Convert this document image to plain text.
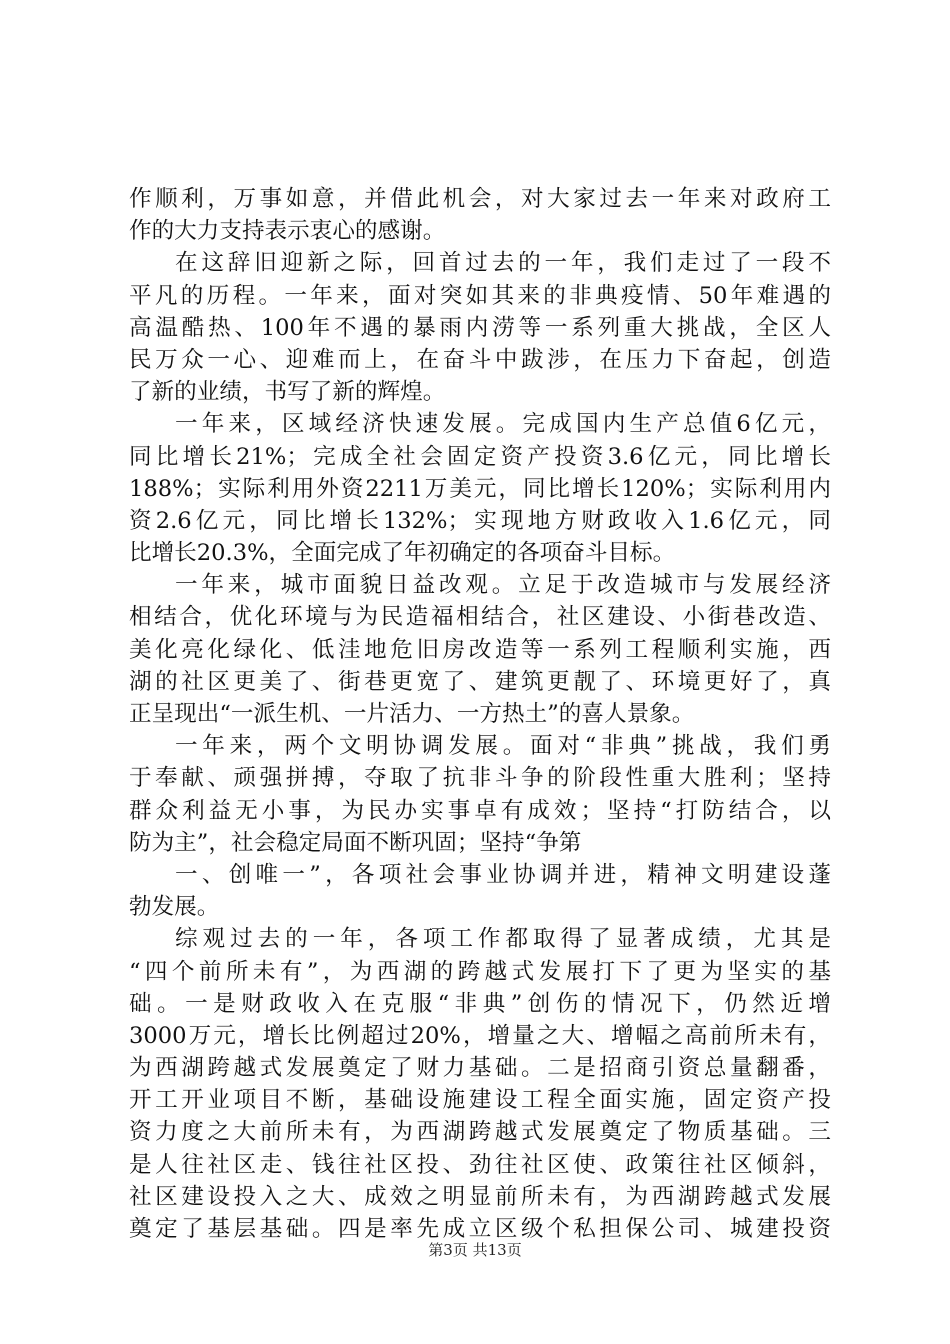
作顺利，万事如意，并借此机会，对大家过去一年来对政府工
作的大力支持表示衷心的感谢。
在这辞旧迎新之际，回首过去的一年，我们走过了一段不
平凡的历程。一年来，面对突如其来的非典疫情、50年难遇的
高温酷热、100年不遇的暴雨内涝等一系列重大挑战，全区人
民万众一心、迎难而上，在奋斗中跋涉，在压力下奋起，创造
了新的业绩，书写了新的辉煌。
一年来，区域经济快速发展。完成国内生产总值6亿元，
同比增长21%；完成全社会固定资产投资3.6亿元，同比增长
188%；实际利用外资2211万美元，同比增长120%；实际利用内
资2.6亿元，同比增长132%；实现地方财政收入1.6亿元，同
比增长20.3%，全面完成了年初确定的各项奋斗目标。
一年来，城市面貌日益改观。立足于改造城市与发展经济
相结合，优化环境与为民造福相结合，社区建设、小街巷改造、
美化亮化绿化、低洼地危旧房改造等一系列工程顺利实施，西
湖的社区更美了、街巷更宽了、建筑更靓了、环境更好了，真
正呈现出“一派生机、一片活力、一方热土”的喜人景象。
一年来，两个文明协调发展。面对“非典”挑战，我们勇
于奉献、顽强拼搏，夺取了抗非斗争的阶段性重大胜利；坚持
群众利益无小事，为民办实事卓有成效；坚持“打防结合，以
防为主”，社会稳定局面不断巩固；坚持“争第
一、创唯一”，各项社会事业协调并进，精神文明建设蓬
勃发展。
综观过去的一年，各项工作都取得了显著成绩，尤其是
“四个前所未有”，为西湖的跨越式发展打下了更为坚实的基
础。一是财政收入在克服“非典”创伤的情况下，仍然近增
3000万元，增长比例超过20%，增量之大、增幅之高前所未有，
为西湖跨越式发展奠定了财力基础。二是招商引资总量翻番，
开工开业项目不断，基础设施建设工程全面实施，固定资产投
资力度之大前所未有，为西湖跨越式发展奠定了物质基础。三
是人往社区走、钱往社区投、劲往社区使、政策往社区倾斜，
社区建设投入之大、成效之明显前所未有，为西湖跨越式发展
奠定了基层基础。四是率先成立区级个私担保公司、城建投资
第3页 共13页
